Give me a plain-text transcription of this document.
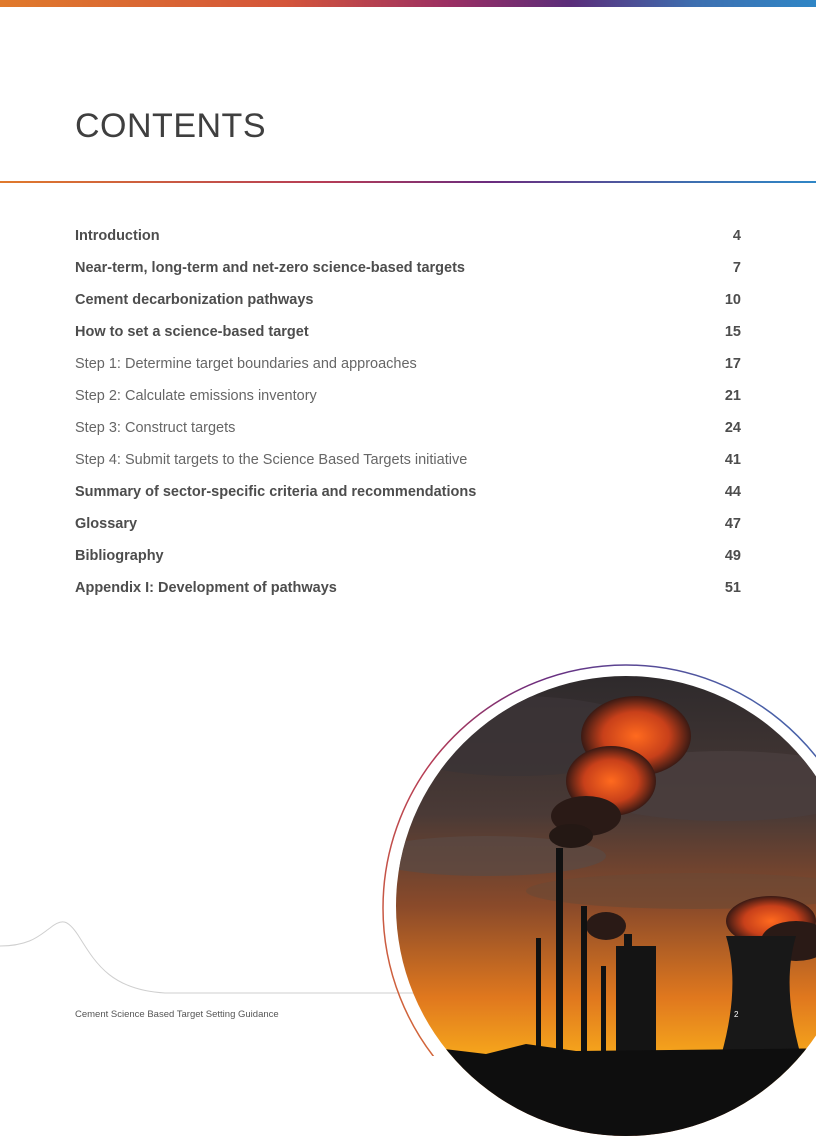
CONTENTS
Introduction	4
Near-term, long-term and net-zero science-based targets	7
Cement decarbonization pathways	10
How to set a science-based target	15
Step 1: Determine target boundaries and approaches	17
Step 2: Calculate emissions inventory	21
Step 3: Construct targets	24
Step 4: Submit targets to the Science Based Targets initiative	41
Summary of sector-specific criteria and recommendations	44
Glossary	47
Bibliography	49
Appendix I: Development of pathways	51
Cement Science Based Target Setting Guidance	2
